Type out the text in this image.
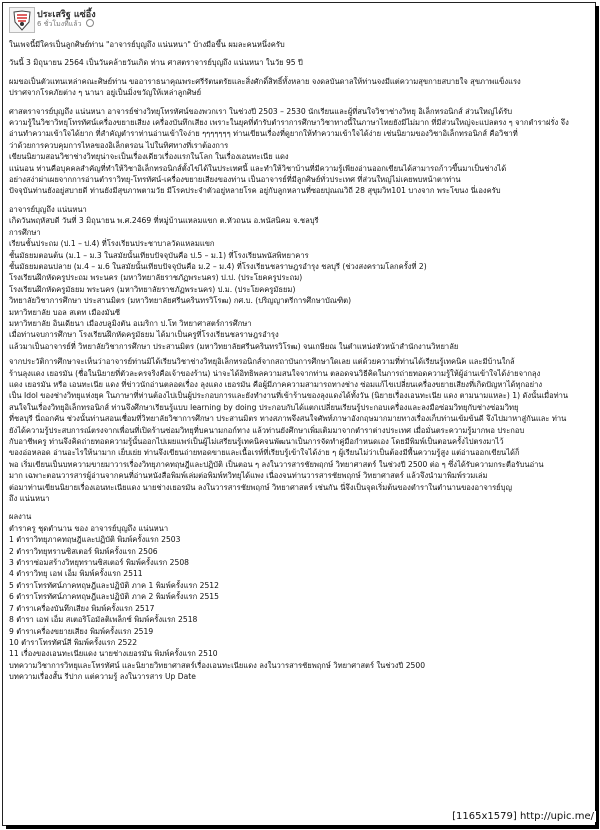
ประเสริฐ แซ่อึ้ง
6 ชั่วโมงที่แล้ว
ในเพจนี้มีใครเป็นลูกศิษย์ท่าน "อาจารย์บุญถึง แน่นหนา" บ้างมือขึ้น ผมละคนหนึ่งครับ
วันนี้ 3 มิถุนายน 2564 เป็นวันคล้ายวันเกิด ท่าน ศาสตราจารย์บุญถึง แน่นหนา ในวัย 95 ปี
ผมขอเป็นตัวแทนเหล่าคณะศิษย์ท่าน ขออาราธนาคุณพระศรีรัตนตรัยและสิ่งศักดิ์สิทธิ์ทั้งหลาย จงดลบันดาลให้ท่านจงมีแต่ความสุขกายสบายใจ สุขภาพแข็งแรง
ปราศจากโรคภัยต่าง ๆ นานา อยู่เป็นมิ่งขวัญให้เหล่าลูกศิษย์
ศาสตราจารย์บุญถึง แน่นหนา อาจารย์ช่างวิทยุโทรทัศน์ของพวกเรา ในช่วงปี 2503 – 2530 นักเรียนและผู้ที่สนใจวิชาช่างวิทยุ อิเล็กทรอนิกส์ ส่วนใหญ่ได้รับ
ความรู้ในวิชาวิทยุโทรทัศน์เครื่องขยายเสียง เครื่องบันทึกเสียง เพราะในยุคที่ตำรับตำราการศึกษาวิชาทางนี้ในภาษาไทยยังมีไม่มาก ที่มีส่วนใหญ่จะแปลตรง ๆ จากตำราฝรั่ง จึง
อ่านทำความเข้าใจได้ยาก ที่สำคัญตำราท่านอ่านเข้าใจง่าย ๆๆๆๆๆๆๆ ท่านเขียนเรื่องที่ดูยากให้ทำความเข้าใจได้ง่าย เช่นนิยามของวิชาอิเล็กทรอนิกส์ คือวิชาที่
ว่าด้วยการควบคุมการไหลของอิเล็กตรอน ไปในทิศทางที่เราต้องการ
เขียนนิยามสอนวิชาช่างวิทยุน่าจะเป็นเรื่องเดียวเรื่องแรกในโลก ในเรื่องเอนทะเนีย แดง
แน่นอน ท่านคือบุคคลสำคัญที่ทำให้วิชาอิเล็กทรอนิกส์ตั้งไข่ได้ในประเทศนี้ และทำให้วิชาบ้านที่มีความรู้เพียงอ่านออกเขียนได้สามารถก้าวขึ้นมาเป็นช่างได้
อย่างสง่าผ่าเผยจากการอ่านตำราวิทยุ-โทรทัศน์-เครื่องขยายเสียงของท่าน เป็นอาจารย์ที่มีลูกศิษย์ทั่วประเทศ ที่ส่วนใหญ่ไม่เคยพบหน้าตาท่าน
ปัจจุบันท่านยังอยู่สบายดี ท่านยังมีสุขภาพตามวัย มีโรคประจำตัวอยู่หลายโรค อยู่กับลูกหลานที่ซอยปุณณวิถี 28 สุขุมวิท101 บางจาก พระโขนง นี่เองครับ
อาจารย์บุญถึง แน่นหนา
เกิดวันพฤหัสบดี วันที่ 3 มิถุนายน พ.ศ.2469 ที่หมู่บ้านแหลมแขก ต.หัวถนน อ.พนัสนิคม จ.ชลบุรี
การศึกษา
เรียนชั้นประถม (ป.1 – ป.4) ที่โรงเรียนประชาบาลวัดแหลมแขก
ชั้นมัธยมตอนต้น (ม.1 – ม.3 ในสมัยนั้นเทียบปัจจุบันคือ ป.5 – ม.1) ที่โรงเรียนพนัสพิทยาคาร
ชั้นมัธยมตอนปลาย (ม.4 – ม.6 ในสมัยนั้นเทียบปัจจุบันคือ ม.2 – ม.4) ที่โรงเรียนชลราษฎรอำรุง ชลบุรี (ช่วงสงครามโลกครั้งที่ 2)
โรงเรียนฝึกหัดครูประถม พระนคร (มหาวิทยาลัยราชภัฏพระนคร) ป.ป. (ประโยคครูประถม)
โรงเรียนฝึกหัดครูมัธยม พระนคร (มหาวิทยาลัยราชภัฏพระนคร) ป.ม. (ประโยคครูมัธยม)
วิทยาลัยวิชาการศึกษา ประสานมิตร (มหาวิทยาลัยศรีนครินทรวิโรฒ) กศ.บ. (ปริญญาตรีการศึกษาบัณฑิต)
มหาวิทยาลัย บอล สเตท เมืองมันซี
มหาวิทยาลัย อินเดียนา เมืองบลูมิงตัน อเมริกา ป.โท วิทยาศาสตร์การศึกษา
เมื่อท่านจบการศึกษา โรงเรียนฝึกหัดครูมัธยม ได้มาเป็นครูที่โรงเรียนชลราษฎรอำรุง
แล้วมาเป็นอาจารย์ที่ วิทยาลัยวิชาการศึกษา ประสานมิตร (มหาวิทยาลัยศรีนครินทรวิโรฒ) จนเกษียณ ในตำแหน่งหัวหน้าสำนักงานวิทยาลัย
จากประวัติการศึกษาจะเห็นว่าอาจารย์ท่านมิได้เรียนวิชาช่างวิทยุอิเล็กทรอนิกส์จากสถาบันการศึกษาใดเลย แต่ด้วยความที่ท่านได้เรียนรู้เทคนิค และมีบ้านใกล้
ร้านลุงแดง เยอรมัน (ชื่อในนิยายที่ตัวละครจริงคือเจ้าของร้าน) น่าจะได้อิทธิพลความสนใจจากท่าน ตลอดจนวิธีคิดในการถ่ายทอดความรู้ให้ผู้อ่านเข้าใจได้ง่ายจากลุง
แดง เยอรมัน หรือ เอนทะเนีย แดง ที่ข่าวนักอ่านตลอดเรื่อง ลุงแดง เยอรมัน คือผู้มีภาคความสามารถทางช่าง ซ่อมแก้ไขเปลี่ยนเครื่องขยายเสียงที่เกิดปัญหาได้ทุกอย่าง
เป็น Idol ของช่างวิทยุแห่งยุค ในภาษาที่ท่านต้องไปเป็นผู้ประกอบการและยังทำงานที่เข้าร้านของลุงแดงได้ทั้งวัน (นิยายเรื่องเอนทะเนีย แดง ตามนามแหละ) 1) ดังนั้นเมื่อท่าน
สนใจในเรื่องวิทยุอิเล็กทรอนิกส์ ท่านจึงศึกษาเรียนรู้แบบ learning by doing ประกอบกับได้แตกเปลี่ยนเรียนรู้ประกอบเครื่องและลงมือซ่อมวิทยุกับช่างซ่อมวิทยุ
ที่ชลบุรี นี่ถอกคัน ช่วงนั้นท่านสอนเชื่อมที่วิทยาลัยวิชาการศึกษา ประสานมิตร ทางสภาพจึงสนใจศัพท์ภาษาอังกฤษมากมายทางเรื่องเก็บท่านเข้มข้นดี จึงไปมาหาสู่กันและ ท่าน
ยังได้ความรู้ประสบการณ์ตรงจากเพื่อนที่เปิดร้านซ่อมวิทยุที่บคนามกอก์ทาง แล้วท่านยังศึกษาเพิ่มเติมมาจากตำราต่างประเทศ เมื่อมั่นตระความรู้มากพอ ประกอบ
กับอาชีพครู ท่านจึงคิดถ่ายทอดความรู้นั้นออกไปเผยแพร่เป็นผู้ไม่เสรียนรู้เทคนิคจนพัฒนาเป็นการจัดทำคู่มือกำหนดเอง โดยมีพิมพ์เป็นตอนครั้งไปตรงมาไว้
ของอ่อหลอด อ่านอะไรให้นามาก เย็บเย่ย ท่านจึงเขียนถ่ายทอดขายและเนื้อเรท์ที่เรียบรู้เข้าใจได้ง่าย ๆ ผู้เรียนไม่ว่าเป็นต้องมีพื้นความรู้สูง แต่อ่านออกเขียนได้ก็
พอ เริ่มเขียนเป็นบทความขายมาวารเรื่องวิทยุภาคทฤษฎีและปฏิบัติ เป็นตอน ๆ ลงในวารสารชัยพฤกษ์ วิทยาศาสตร์ ในช่วงปี 2500 ต่อ ๆ ซึ่งได้รับความกระตือรับนอ่าน
มาก เฉพาะตอนวารสารผู้อ่านจากคนที่อ่านหนังสือพิมพ์เล่มต่อพิมพ์ทวิทยุได้แพง เนื่องจนท่านวารสารชัยพฤกษ์ วิทยาศาสตร์ แล้วจึงนำมาพิมพ์รวมเล่ม
ต่อมาท่านเขียนนิยายเรื่องเอนทะเนียแดง นายช่างเยอรมัน ลงในวารสารชัยพฤกษ์ วิทยาศาสตร์ เช่นกัน นี่จึงเป็นจุดเริ่มต้นของตำราในตำนานของอาจารย์บุญ
ถึง แน่นหนา
ผลงาน
ตำราครู ชุดตำนาน ของ อาจารย์บุญถึง แน่นหนา
1 ตำราวิทยุภาคทฤษฎีและปฏิบัติ พิมพ์ครั้งแรก 2503
2 ตำราวิทยุทรานซิสเตอร์ พิมพ์ครั้งแรก 2506
3 ตำราซ่อมสร้างวิทยุทรานซิสเตอร์ พิมพ์ครั้งแรก 2508
4 ตำราวิทยุ เอฟ เอ็ม พิมพ์ครั้งแรก 2511
5 ตำราโทรทัศน์ภาคทฤษฎีและปฏิบัติ ภาค 1 พิมพ์ครั้งแรก 2512
6 ตำราโทรทัศน์ภาคทฤษฎีและปฏิบัติ ภาค 2 พิมพ์ครั้งแรก 2515
7 ตำราเครื่องบันทึกเสียง พิมพ์ครั้งแรก 2517
8 ตำรา เอฟ เอ็ม สเตอริโอมัลติเพล็กซ์ พิมพ์ครั้งแรก 2518
9 ตำราเครื่องขยายเสียง พิมพ์ครั้งแรก 2519
10 ตำราโทรทัศน์สี พิมพ์ครั้งแรก 2522
11 เรื่องของเอนทะเนียแดง นายช่างเยอรมัน พิมพ์ครั้งแรก 2510
บทความวิชาการวิทยุและโทรทัศน์ และนิยายวิทยาศาสตร์เรื่องเอนทะเนียแดง ลงในวารสารชัยพฤกษ์ วิทยาศาสตร์ ในช่วงปี 2500
บทความเรื่องสั้น รีปาก แต่ความรู้ ลงในวารสาร Up Date
[1165x1579] http://upic.me/
